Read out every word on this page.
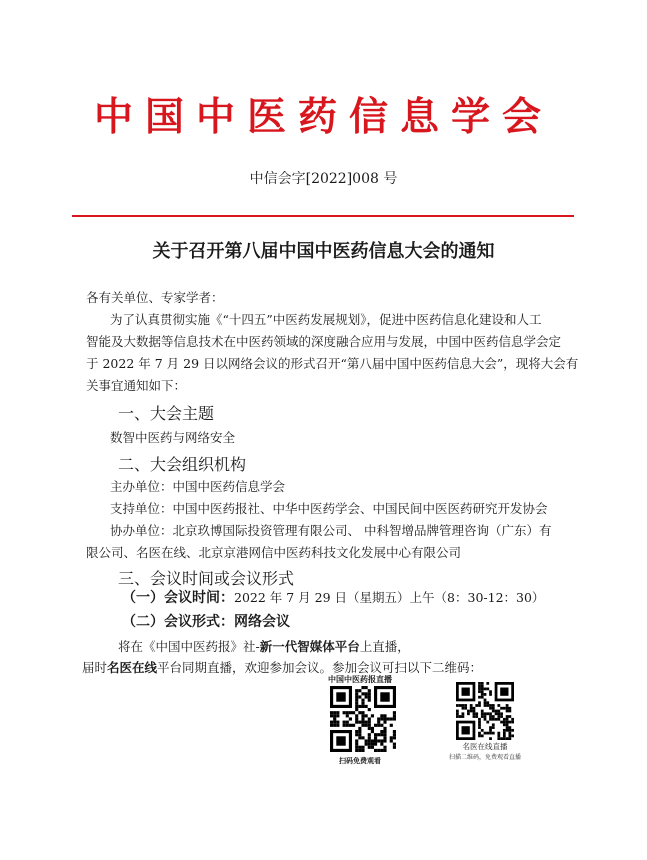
中国中医药信息学会
中信会字[2022]008 号
关于召开第八届中国中医药信息大会的通知
各有关单位、专家学者：
为了认真贯彻实施《“十四五”中医药发展规划》，促进中医药信息化建设和人工
智能及大数据等信息技术在中医药领域的深度融合应用与发展，中国中医药信息学会定
于 2022 年 7 月 29 日以网络会议的形式召开“第八届中国中医药信息大会”，现将大会有
关事宜通知如下：
一、大会主题
数智中医药与网络安全
二、大会组织机构
主办单位：中国中医药信息学会
支持单位：中国中医药报社、中华中医药学会、中国民间中医医药研究开发协会
协办单位：北京玖博国际投资管理有限公司、 中科智增品牌管理咨询（广东）有
限公司、名医在线、北京京港网信中医药科技文化发展中心有限公司
三、会议时间或会议形式
（一）会议时间：2022 年 7 月 29 日（星期五）上午（8：30-12：30）
（二）会议形式：网络会议
将在《中国中医药报》社-新一代智媒体平台上直播，
届时名医在线平台同期直播，欢迎参加会议。参加会议可扫以下二维码：
中国中医药报直播
扫码免费观看
名医在线直播
扫描二维码，免费观看直播
